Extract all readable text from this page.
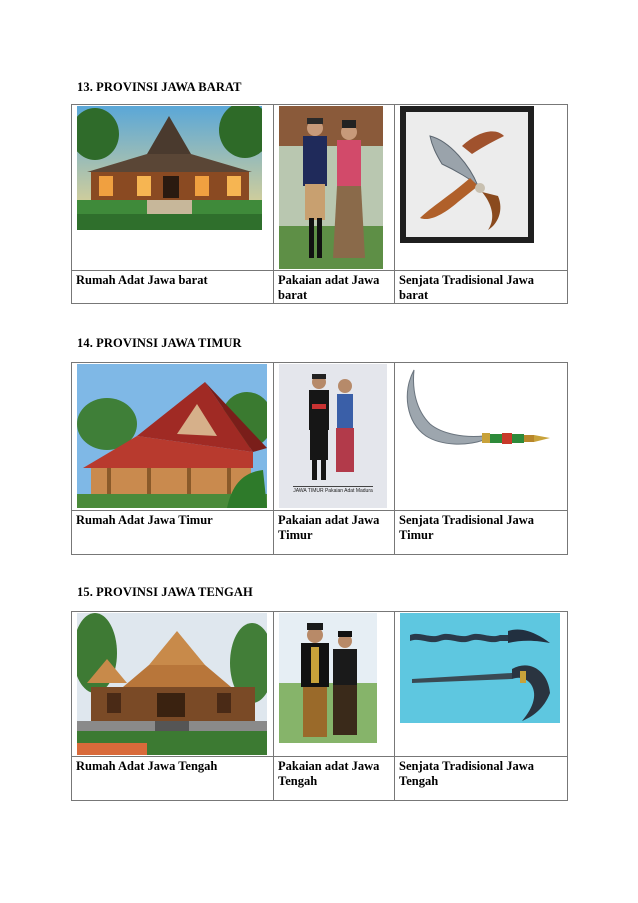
13. PROVINSI JAWA BARAT

Rumah Adat Jawa barat	Pakaian adat Jawa barat	Senjata Tradisional Jawa barat
14. PROVINSI JAWA TIMUR

JAWA TIMUR Pakaian Adat Madura

Rumah Adat Jawa Timur	Pakaian adat Jawa Timur	Senjata Tradisional Jawa Timur
15. PROVINSI JAWA TENGAH

Rumah Adat Jawa Tengah	Pakaian adat Jawa Tengah	Senjata Tradisional Jawa Tengah
